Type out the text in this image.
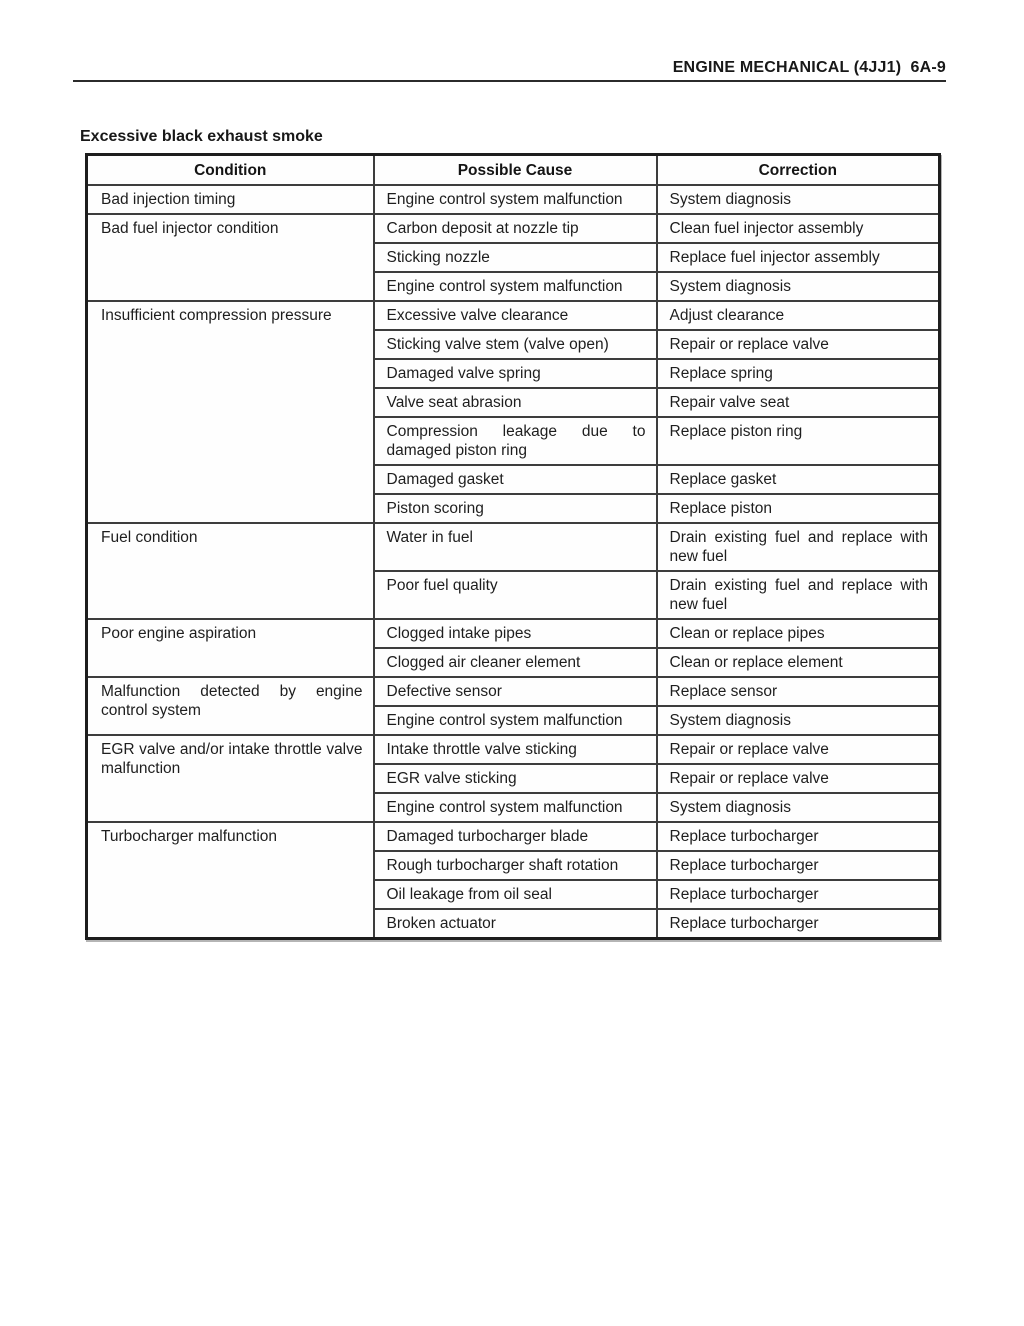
ENGINE MECHANICAL (4JJ1)  6A-9
Excessive black exhaust smoke
Condition	Possible Cause	Correction
Bad injection timing	Engine control system malfunction	System diagnosis
Bad fuel injector condition	Carbon deposit at nozzle tip	Clean fuel injector assembly
	Sticking nozzle	Replace fuel injector assembly
	Engine control system malfunction	System diagnosis
Insufficient compression pressure	Excessive valve clearance	Adjust clearance
	Sticking valve stem (valve open)	Repair or replace valve
	Damaged valve spring	Replace spring
	Valve seat abrasion	Repair valve seat
	Compression leakage due to damaged piston ring	Replace piston ring
	Damaged gasket	Replace gasket
	Piston scoring	Replace piston
Fuel condition	Water in fuel	Drain existing fuel and replace with new fuel
	Poor fuel quality	Drain existing fuel and replace with new fuel
Poor engine aspiration	Clogged intake pipes	Clean or replace pipes
	Clogged air cleaner element	Clean or replace element
Malfunction detected by engine control system	Defective sensor	Replace sensor
	Engine control system malfunction	System diagnosis
EGR valve and/or intake throttle valve malfunction	Intake throttle valve sticking	Repair or replace valve
	EGR valve sticking	Repair or replace valve
	Engine control system malfunction	System diagnosis
Turbocharger malfunction	Damaged turbocharger blade	Replace turbocharger
	Rough turbocharger shaft rotation	Replace turbocharger
	Oil leakage from oil seal	Replace turbocharger
	Broken actuator	Replace turbocharger
